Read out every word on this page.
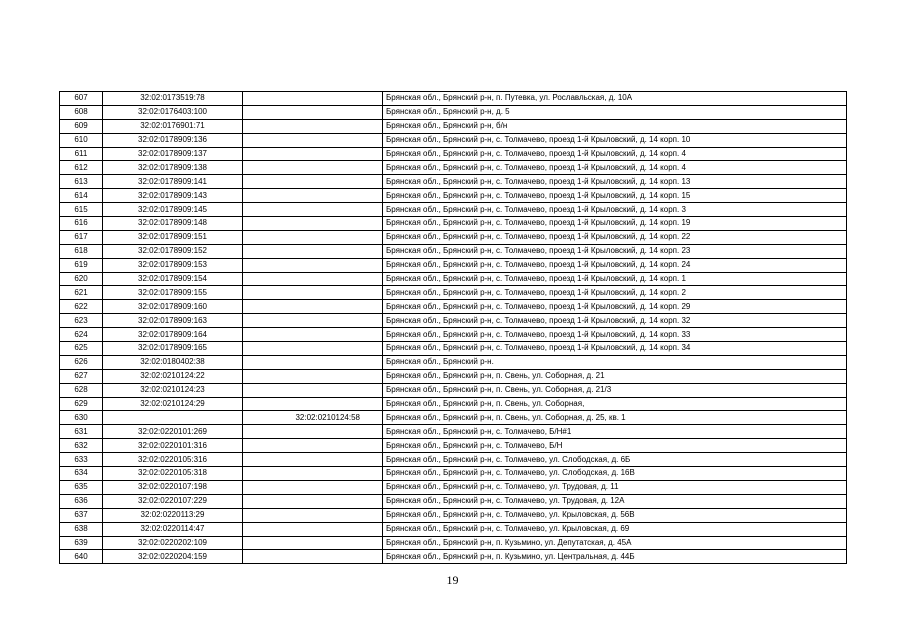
607	32:02:0173519:78		Брянская обл., Брянский р-н, п. Путевка, ул. Рославльская, д. 10А
608	32:02:0176403:100		Брянская обл., Брянский р-н, д. 5
609	32:02:0176901:71		Брянская обл., Брянский р-н, б/н
610	32:02:0178909:136		Брянская обл., Брянский р-н, с. Толмачево, проезд 1-й Крыловский, д. 14 корп. 10
611	32:02:0178909:137		Брянская обл., Брянский р-н, с. Толмачево, проезд 1-й Крыловский, д. 14 корп. 4
612	32:02:0178909:138		Брянская обл., Брянский р-н, с. Толмачево, проезд 1-й Крыловский, д. 14 корп. 4
613	32:02:0178909:141		Брянская обл., Брянский р-н, с. Толмачево, проезд 1-й Крыловский, д. 14 корп. 13
614	32:02:0178909:143		Брянская обл., Брянский р-н, с. Толмачево, проезд 1-й Крыловский, д. 14 корп. 15
615	32:02:0178909:145		Брянская обл., Брянский р-н, с. Толмачево, проезд 1-й Крыловский, д. 14 корп. 3
616	32:02:0178909:148		Брянская обл., Брянский р-н, с. Толмачево, проезд 1-й Крыловский, д. 14 корп. 19
617	32:02:0178909:151		Брянская обл., Брянский р-н, с. Толмачево, проезд 1-й Крыловский, д. 14 корп. 22
618	32:02:0178909:152		Брянская обл., Брянский р-н, с. Толмачево, проезд 1-й Крыловский, д. 14 корп. 23
619	32:02:0178909:153		Брянская обл., Брянский р-н, с. Толмачево, проезд 1-й Крыловский, д. 14 корп. 24
620	32:02:0178909:154		Брянская обл., Брянский р-н, с. Толмачево, проезд 1-й Крыловский, д. 14 корп. 1
621	32:02:0178909:155		Брянская обл., Брянский р-н, с. Толмачево, проезд 1-й Крыловский, д. 14 корп. 2
622	32:02:0178909:160		Брянская обл., Брянский р-н, с. Толмачево, проезд 1-й Крыловский, д. 14 корп. 29
623	32:02:0178909:163		Брянская обл., Брянский р-н, с. Толмачево, проезд 1-й Крыловский, д. 14 корп. 32
624	32:02:0178909:164		Брянская обл., Брянский р-н, с. Толмачево, проезд 1-й Крыловский, д. 14 корп. 33
625	32:02:0178909:165		Брянская обл., Брянский р-н, с. Толмачево, проезд 1-й Крыловский, д. 14 корп. 34
626	32:02:0180402:38		Брянская обл., Брянский р-н.
627	32:02:0210124:22		Брянская обл., Брянский р-н, п. Свень, ул. Соборная, д. 21
628	32:02:0210124:23		Брянская обл., Брянский р-н, п. Свень, ул. Соборная, д. 21/3
629	32:02:0210124:29		Брянская обл., Брянский р-н, п. Свень, ул. Соборная,
630		32:02:0210124:58	Брянская обл., Брянский р-н, п. Свень, ул. Соборная, д. 25, кв. 1
631	32:02:0220101:269		Брянская обл., Брянский р-н, с. Толмачево, Б/Н#1
632	32:02:0220101:316		Брянская обл., Брянский р-н, с. Толмачево, Б/Н
633	32:02:0220105:316		Брянская обл., Брянский р-н, с. Толмачево, ул. Слободская, д. 6Б
634	32:02:0220105:318		Брянская обл., Брянский р-н, с. Толмачево, ул. Слободская, д. 16В
635	32:02:0220107:198		Брянская обл., Брянский р-н, с. Толмачево, ул. Трудовая, д. 11
636	32:02:0220107:229		Брянская обл., Брянский р-н, с. Толмачево, ул. Трудовая, д. 12А
637	32:02:0220113:29		Брянская обл., Брянский р-н, с. Толмачево, ул. Крыловская, д. 56В
638	32:02:0220114:47		Брянская обл., Брянский р-н, с. Толмачево, ул. Крыловская, д. 69
639	32:02:0220202:109		Брянская обл., Брянский р-н, п. Кузьмино, ул. Депутатская, д. 45А
640	32:02:0220204:159		Брянская обл., Брянский р-н, п. Кузьмино, ул. Центральная, д. 44Б
19
